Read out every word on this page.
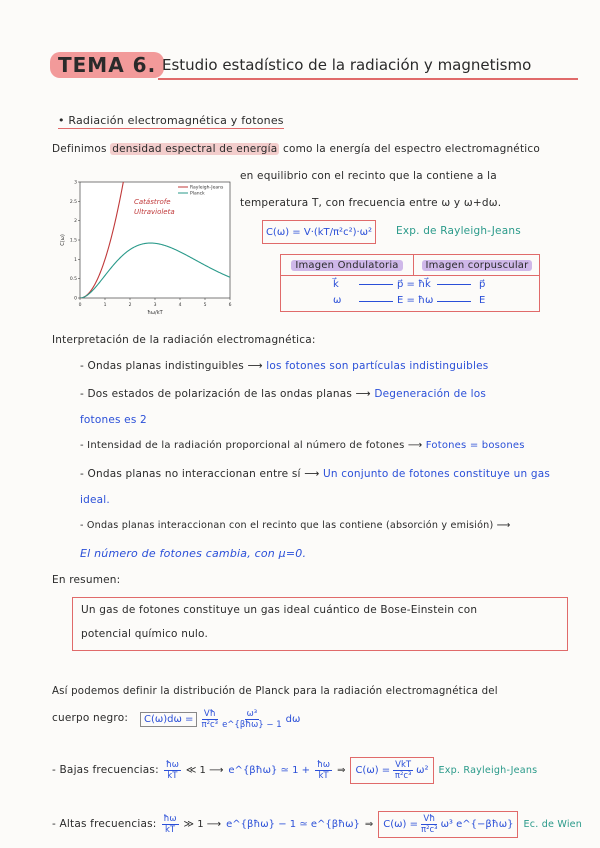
TEMA 6. Estudio estadístico de la radiación y magnetismo
• Radiación electromagnética y fotones
Definimos densidad espectral de energía como la energía del espectro electromagnético
en equilibrio con el recinto que la contiene a la
temperatura T, con frecuencia entre ω y ω+dω.
C(ω) = V·(kT/π²c²)·ω² Exp. de Rayleigh-Jeans
0	1	2	3	4	5	6
0
0.5
1
1.5
2
2.5
3
ħω/kT
C(ω)
Rayleigh-Jeans
Planck
Catástrofe
Ultravioleta
Imagen Ondulatoria	Imagen corpuscular
k⃗	p⃗ = ħk⃗	p⃗
ω	E = ħω	E
Interpretación de la radiación electromagnética:
- Ondas planas indistinguibles ⟶ los fotones son partículas indistinguibles
- Dos estados de polarización de las ondas planas ⟶ Degeneración de los
fotones es 2
- Intensidad de la radiación proporcional al número de fotones ⟶ Fotones = bosones
- Ondas planas no interaccionan entre sí ⟶ Un conjunto de fotones constituye un gas
ideal.
- Ondas planas interaccionan con el recinto que las contiene (absorción y emisión) ⟶
El número de fotones cambia, con μ=0.
En resumen:
Un gas de fotones constituye un gas ideal cuántico de Bose-Einstein con
potencial químico nulo.
Así podemos definir la distribución de Planck para la radiación electromagnética del
cuerpo negro:	$C(\omega)d\omega = \frac{Vħ}{\text{π²c³}} \frac{\text{ω³}}{\text{e\textasciicircum{}\{βħω\} − 1}}$ dω
- Bajas frecuencias: $\frac{ħ\omega}{kT}$ ≪ 1 ⟶ e^{βħω} ≃ $1 + \frac{ħ\omega}{kT}$ ⇒ $C(\omega) = \frac{\text{VkT}}{\text{π²c³}} \omega^2$ Exp. Rayleigh-Jeans
- Altas frecuencias: $\frac{ħ\omega}{kT}$ ≫ 1 ⟶ e^{βħω} − 1 ≃ e^{βħω} ⇒ $C(\omega) = \frac{Vħ}{\text{π²c³}} \omega^3$ e^{−βħω} Ec. de Wien
